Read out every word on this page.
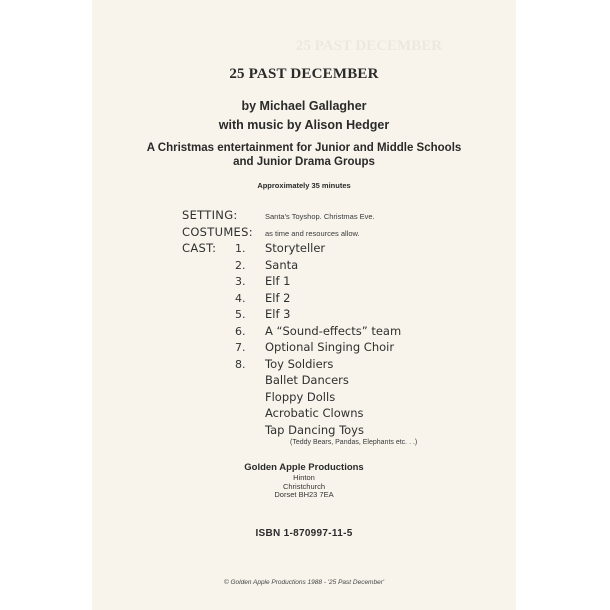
25 PAST DECEMBER
25 PAST DECEMBER
by Michael Gallagher
with music by Alison Hedger
A Christmas entertainment for Junior and Middle Schools
and Junior Drama Groups
Approximately 35 minutes
SETTING:	Santa's Toyshop. Christmas Eve.
COSTUMES:	as time and resources allow.
CAST:	1.	Storyteller
2.	Santa
3.	Elf 1
4.	Elf 2
5.	Elf 3
6.	A “Sound-effects” team
7.	Optional Singing Choir
8.	Toy Soldiers
Ballet Dancers
Floppy Dolls
Acrobatic Clowns
Tap Dancing Toys
(Teddy Bears, Pandas, Elephants etc. . .)
Golden Apple Productions
Hinton
Christchurch
Dorset BH23 7EA
ISBN 1-870997-11-5
© Golden Apple Productions 1988 - '25 Past December'
